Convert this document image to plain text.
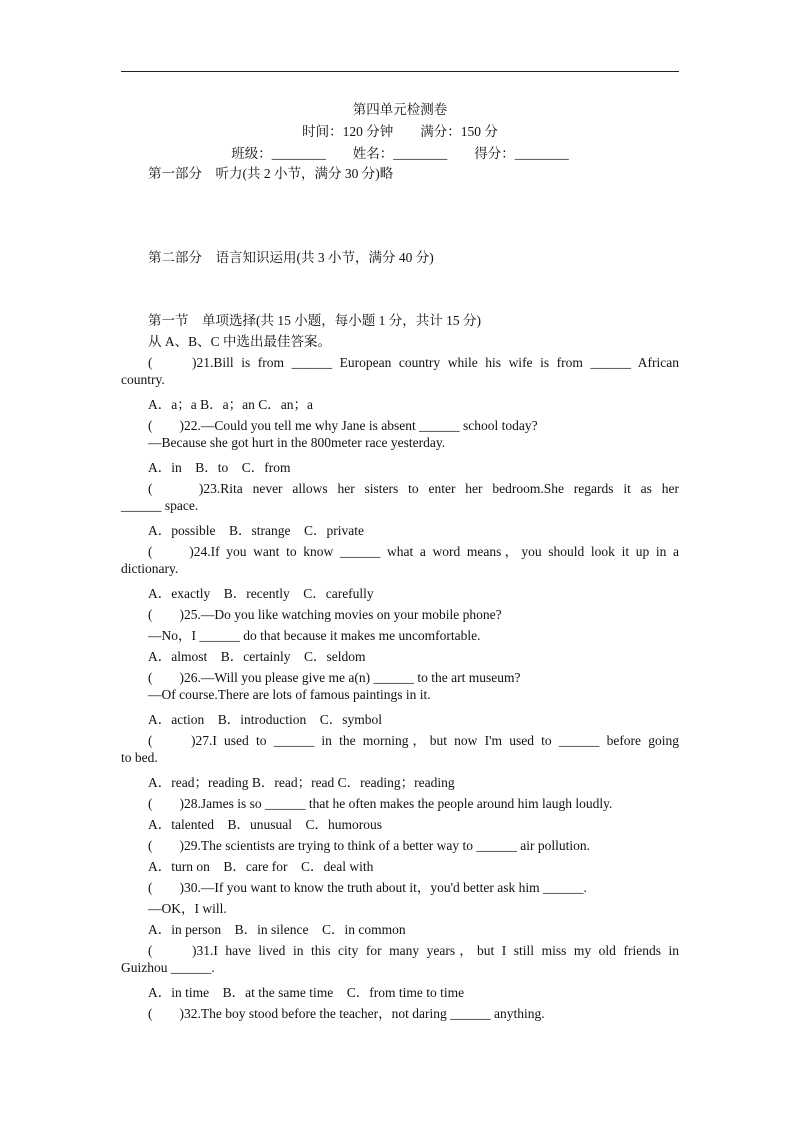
第四单元检测卷
时间：120 分钟　　满分：150 分
班级：________　　姓名：________　　得分：________
第一部分　听力(共 2 小节，满分 30 分)略
第二部分　语言知识运用(共 3 小节，满分 40 分)
第一节　单项选择(共 15 小题，每小题 1 分，共计 15 分)
从 A、B、C 中选出最佳答案。
(　　)21.Bill is from ______ European country while his wife is from ______ African
country.
A．a；a B．a；an C．an；a
(　　)22.—Could you tell me why Jane is absent ______ school today?
—Because she got hurt in the 800meter race yesterday.
A．in　B．to　C．from
(　　)23.Rita never allows her sisters to enter her bedroom.She regards it as her
______ space.
A．possible　B．strange　C．private
(　　)24.If you want to know ______ what a word means，you should look it up in a
dictionary.
A．exactly　B．recently　C．carefully
(　　)25.—Do you like watching movies on your mobile phone?
—No，I ______ do that because it makes me uncomfortable.
A．almost　B．certainly　C．seldom
(　　)26.—Will you please give me a(n) ______ to the art museum?
—Of course.There are lots of famous paintings in it.
A．action　B．introduction　C．symbol
(　　)27.I used to ______ in the morning，but now I'm used to ______ before going
to bed.
A．read；reading B．read；read C．reading；reading
(　　)28.James is so ______ that he often makes the people around him laugh loudly.
A．talented　B．unusual　C．humorous
(　　)29.The scientists are trying to think of a better way to ______ air pollution.
A．turn on　B．care for　C．deal with
(　　)30.—If you want to know the truth about it，you'd better ask him ______.
—OK，I will.
A．in person　B．in silence　C．in common
(　　)31.I have lived in this city for many years，but I still miss my old friends in
Guizhou ______.
A．in time　B．at the same time　C．from time to time
(　　)32.The boy stood before the teacher，not daring ______ anything.
